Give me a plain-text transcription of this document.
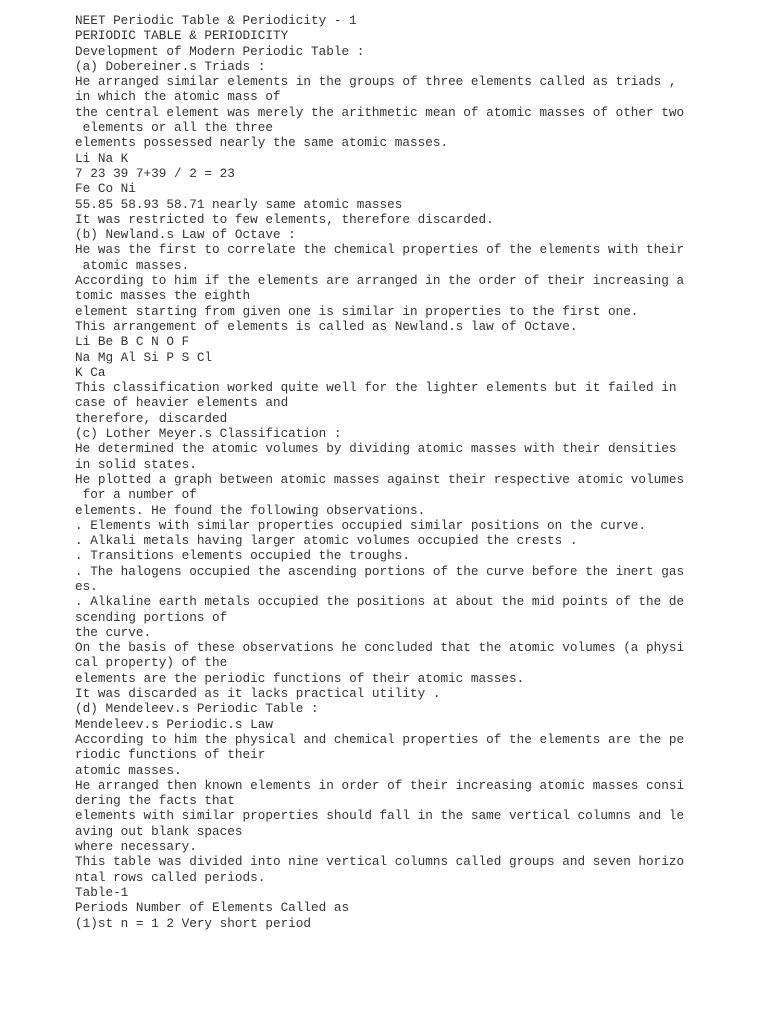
NEET Periodic Table & Periodicity - 1
PERIODIC TABLE & PERIODICITY
Development of Modern Periodic Table :
(a) Dobereiner.s Triads :
He arranged similar elements in the groups of three elements called as triads ,
in which the atomic mass of
the central element was merely the arithmetic mean of atomic masses of other two
elements or all the three
elements possessed nearly the same atomic masses.
Li Na K
7 23 39 7+39 / 2 = 23
Fe Co Ni
55.85 58.93 58.71 nearly same atomic masses
It was restricted to few elements, therefore discarded.
(b) Newland.s Law of Octave :
He was the first to correlate the chemical properties of the elements with their
atomic masses.
According to him if the elements are arranged in the order of their increasing a
tomic masses the eighth
element starting from given one is similar in properties to the first one.
This arrangement of elements is called as Newland.s law of Octave.
Li Be B C N O F
Na Mg Al Si P S Cl
K Ca
This classification worked quite well for the lighter elements but it failed in
case of heavier elements and
therefore, discarded
(c) Lother Meyer.s Classification :
He determined the atomic volumes by dividing atomic masses with their densities
in solid states.
He plotted a graph between atomic masses against their respective atomic volumes
for a number of
elements. He found the following observations.
. Elements with similar properties occupied similar positions on the curve.
. Alkali metals having larger atomic volumes occupied the crests .
. Transitions elements occupied the troughs.
. The halogens occupied the ascending portions of the curve before the inert gas
es.
. Alkaline earth metals occupied the positions at about the mid points of the de
scending portions of
the curve.
On the basis of these observations he concluded that the atomic volumes (a physi
cal property) of the
elements are the periodic functions of their atomic masses.
It was discarded as it lacks practical utility .
(d) Mendeleev.s Periodic Table :
Mendeleev.s Periodic.s Law
According to him the physical and chemical properties of the elements are the pe
riodic functions of their
atomic masses.
He arranged then known elements in order of their increasing atomic masses consi
dering the facts that
elements with similar properties should fall in the same vertical columns and le
aving out blank spaces
where necessary.
This table was divided into nine vertical columns called groups and seven horizo
ntal rows called periods.
Table-1
Periods Number of Elements Called as
(1)st n = 1 2 Very short period
